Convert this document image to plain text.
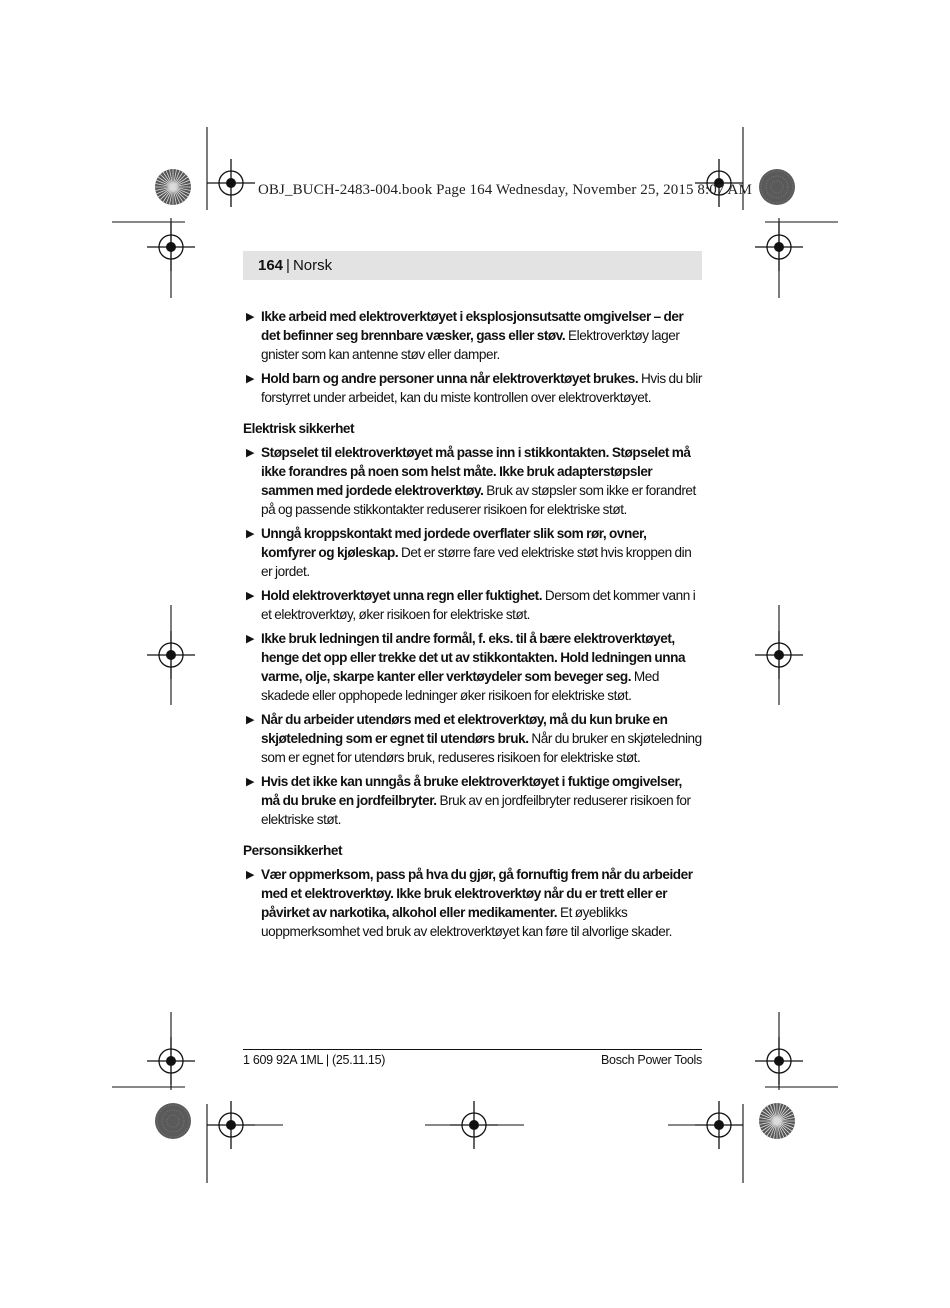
OBJ_BUCH-2483-004.book Page 164 Wednesday, November 25, 2015 8:07 AM
164 | Norsk
▶ Ikke arbeid med elektroverktøyet i eksplosjonsutsatte omgivelser – der det befinner seg brennbare væsker, gass eller støv. Elektroverktøy lager gnister som kan antenne støv eller damper.
▶ Hold barn og andre personer unna når elektroverktøyet brukes. Hvis du blir forstyrret under arbeidet, kan du miste kontrollen over elektroverktøyet.
Elektrisk sikkerhet
▶ Støpselet til elektroverktøyet må passe inn i stikkontakten. Støpselet må ikke forandres på noen som helst måte. Ikke bruk adapterstøpsler sammen med jordede elektroverktøy. Bruk av støpsler som ikke er forandret på og passende stikkontakter reduserer risikoen for elektriske støt.
▶ Unngå kroppskontakt med jordede overflater slik som rør, ovner, komfyrer og kjøleskap. Det er større fare ved elektriske støt hvis kroppen din er jordet.
▶ Hold elektroverktøyet unna regn eller fuktighet. Dersom det kommer vann i et elektroverktøy, øker risikoen for elektriske støt.
▶ Ikke bruk ledningen til andre formål, f. eks. til å bære elektroverktøyet, henge det opp eller trekke det ut av stikkontakten. Hold ledningen unna varme, olje, skarpe kanter eller verktøydeler som beveger seg. Med skadede eller opphopede ledninger øker risikoen for elektriske støt.
▶ Når du arbeider utendørs med et elektroverktøy, må du kun bruke en skjøteledning som er egnet til utendørs bruk. Når du bruker en skjøteledning som er egnet for utendørs bruk, reduseres risikoen for elektriske støt.
▶ Hvis det ikke kan unngås å bruke elektroverktøyet i fuktige omgivelser, må du bruke en jordfeilbryter. Bruk av en jordfeilbryter reduserer risikoen for elektriske støt.
Personsikkerhet
▶ Vær oppmerksom, pass på hva du gjør, gå fornuftig frem når du arbeider med et elektroverktøy. Ikke bruk elektroverktøy når du er trett eller er påvirket av narkotika, alkohol eller medikamenter. Et øyeblikks uoppmerksomhet ved bruk av elektroverktøyet kan føre til alvorlige skader.
1 609 92A 1ML | (25.11.15)	Bosch Power Tools
